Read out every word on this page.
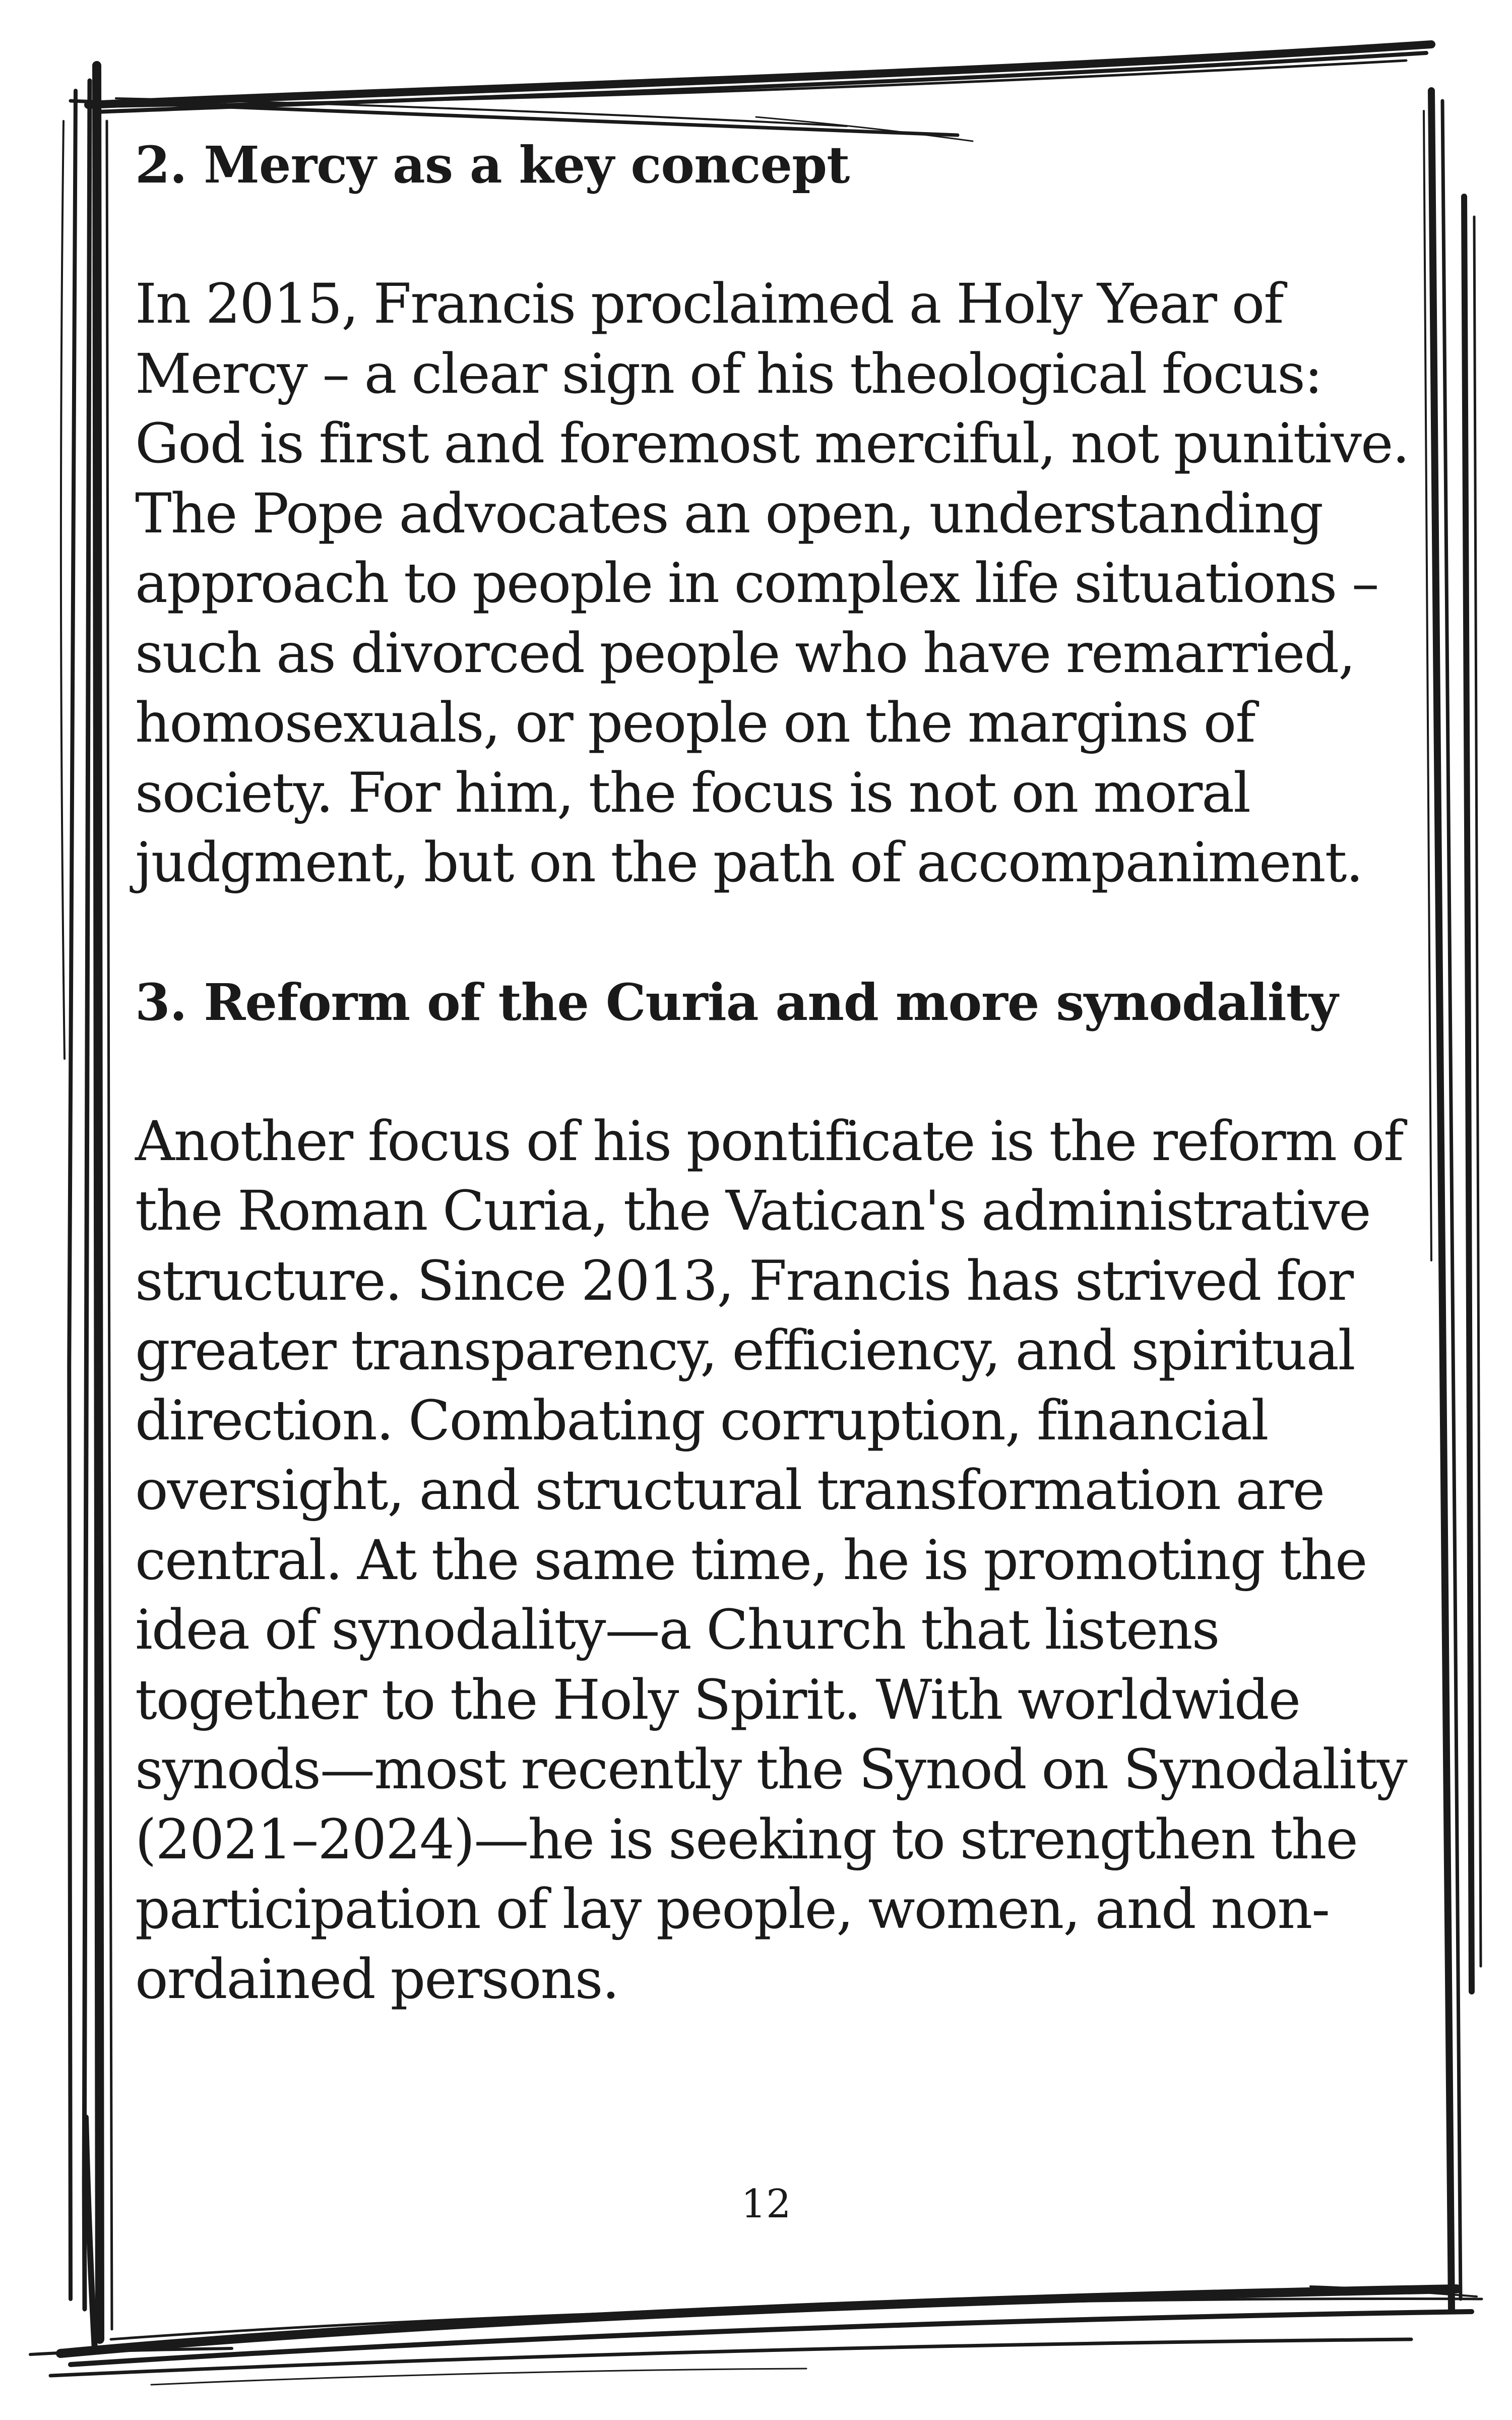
2. Mercy as a key concept

In 2015, Francis proclaimed a Holy Year of Mercy – a clear sign of his theological focus: God is first and foremost merciful, not punitive. The Pope advocates an open, understanding approach to people in complex life situations – such as divorced people who have remarried, homosexuals, or people on the margins of society. For him, the focus is not on moral judgment, but on the path of accompaniment.

3. Reform of the Curia and more synodality

Another focus of his pontificate is the reform of the Roman Curia, the Vatican's administrative structure. Since 2013, Francis has strived for greater transparency, efficiency, and spiritual direction. Combating corruption, financial oversight, and structural transformation are central. At the same time, he is promoting the idea of synodality—a Church that listens together to the Holy Spirit. With worldwide synods—most recently the Synod on Synodality (2021–2024)—he is seeking to strengthen the participation of lay people, women, and non-ordained persons.

12
